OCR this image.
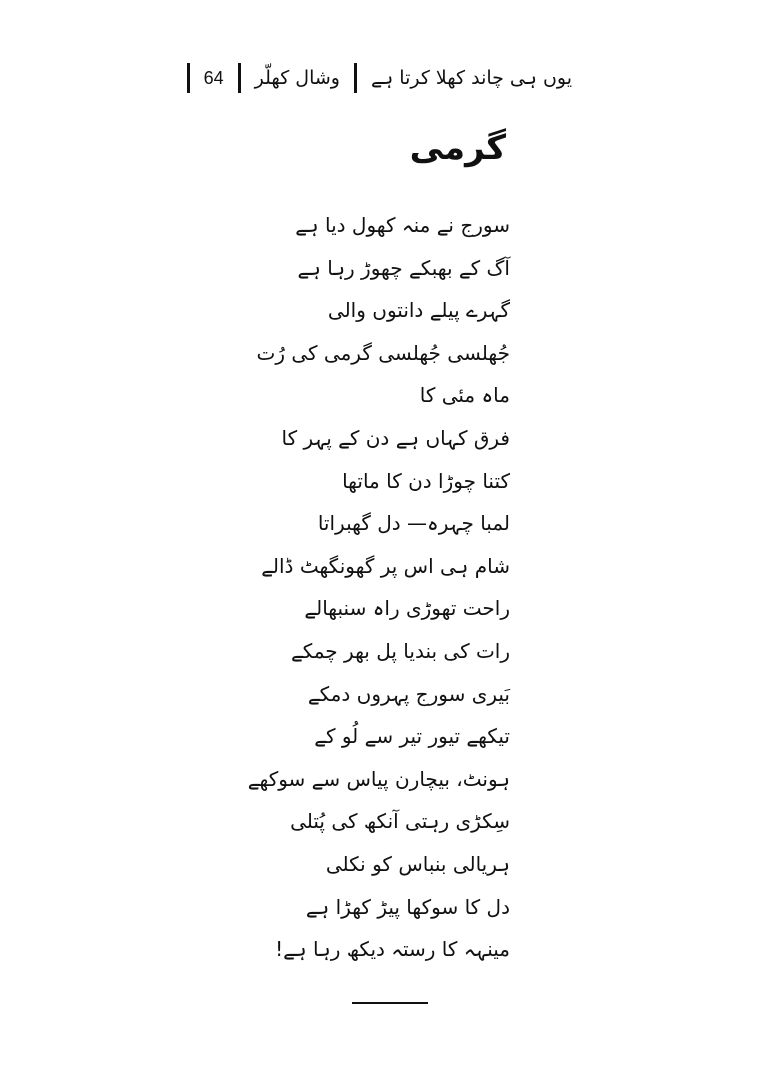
یوں ہی چاند کھلا کرتا ہے
وشال کھلّر
64
گرمی
سورج نے منہ کھول دیا ہے
آگ کے بھبکے چھوڑ رہا ہے
گہرے پیلے دانتوں والی
جُھلسی جُھلسی گرمی کی رُت
ماہ مئی کا
فرق کہاں ہے دن کے پہر کا
کتنا چوڑا دن کا ماتھا
لمبا چہرہ— دل گھبراتا
شام ہی اس پر گھونگھٹ ڈالے
راحت تھوڑی راہ سنبھالے
رات کی بندیا پل بھر چمکے
بَیری سورج پہروں دمکے
تیکھے تیور تیر سے لُو کے
ہونٹ، بیچارن پیاس سے سوکھے
سِکڑی رہتی آنکھ کی پُتلی
ہریالی بنباس کو نکلی
دل کا سوکھا پیڑ کھڑا ہے
مینہہ کا رستہ دیکھ رہا ہے!
